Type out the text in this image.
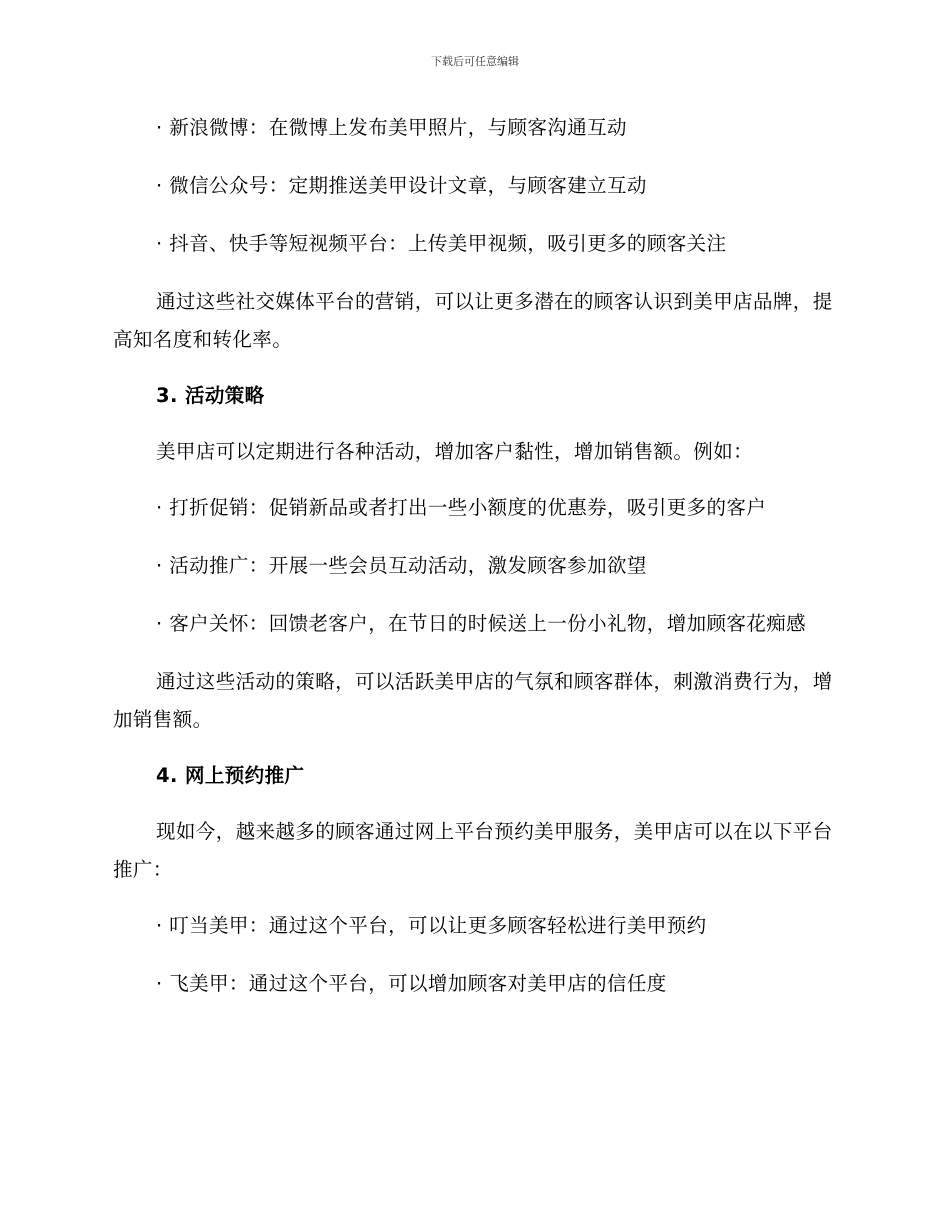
下载后可任意编辑
· 新浪微博：在微博上发布美甲照片，与顾客沟通互动
· 微信公众号：定期推送美甲设计文章，与顾客建立互动
· 抖音、快手等短视频平台：上传美甲视频，吸引更多的顾客关注
通过这些社交媒体平台的营销，可以让更多潜在的顾客认识到美甲店品牌，提高知名度和转化率。
3. 活动策略
美甲店可以定期进行各种活动，增加客户黏性，增加销售额。例如：
· 打折促销：促销新品或者打出一些小额度的优惠券，吸引更多的客户
· 活动推广：开展一些会员互动活动，激发顾客参加欲望
· 客户关怀：回馈老客户，在节日的时候送上一份小礼物，增加顾客花痴感
通过这些活动的策略，可以活跃美甲店的气氛和顾客群体，刺激消费行为，增加销售额。
4. 网上预约推广
现如今，越来越多的顾客通过网上平台预约美甲服务，美甲店可以在以下平台推广：
· 叮当美甲：通过这个平台，可以让更多顾客轻松进行美甲预约
· 飞美甲：通过这个平台，可以增加顾客对美甲店的信任度
